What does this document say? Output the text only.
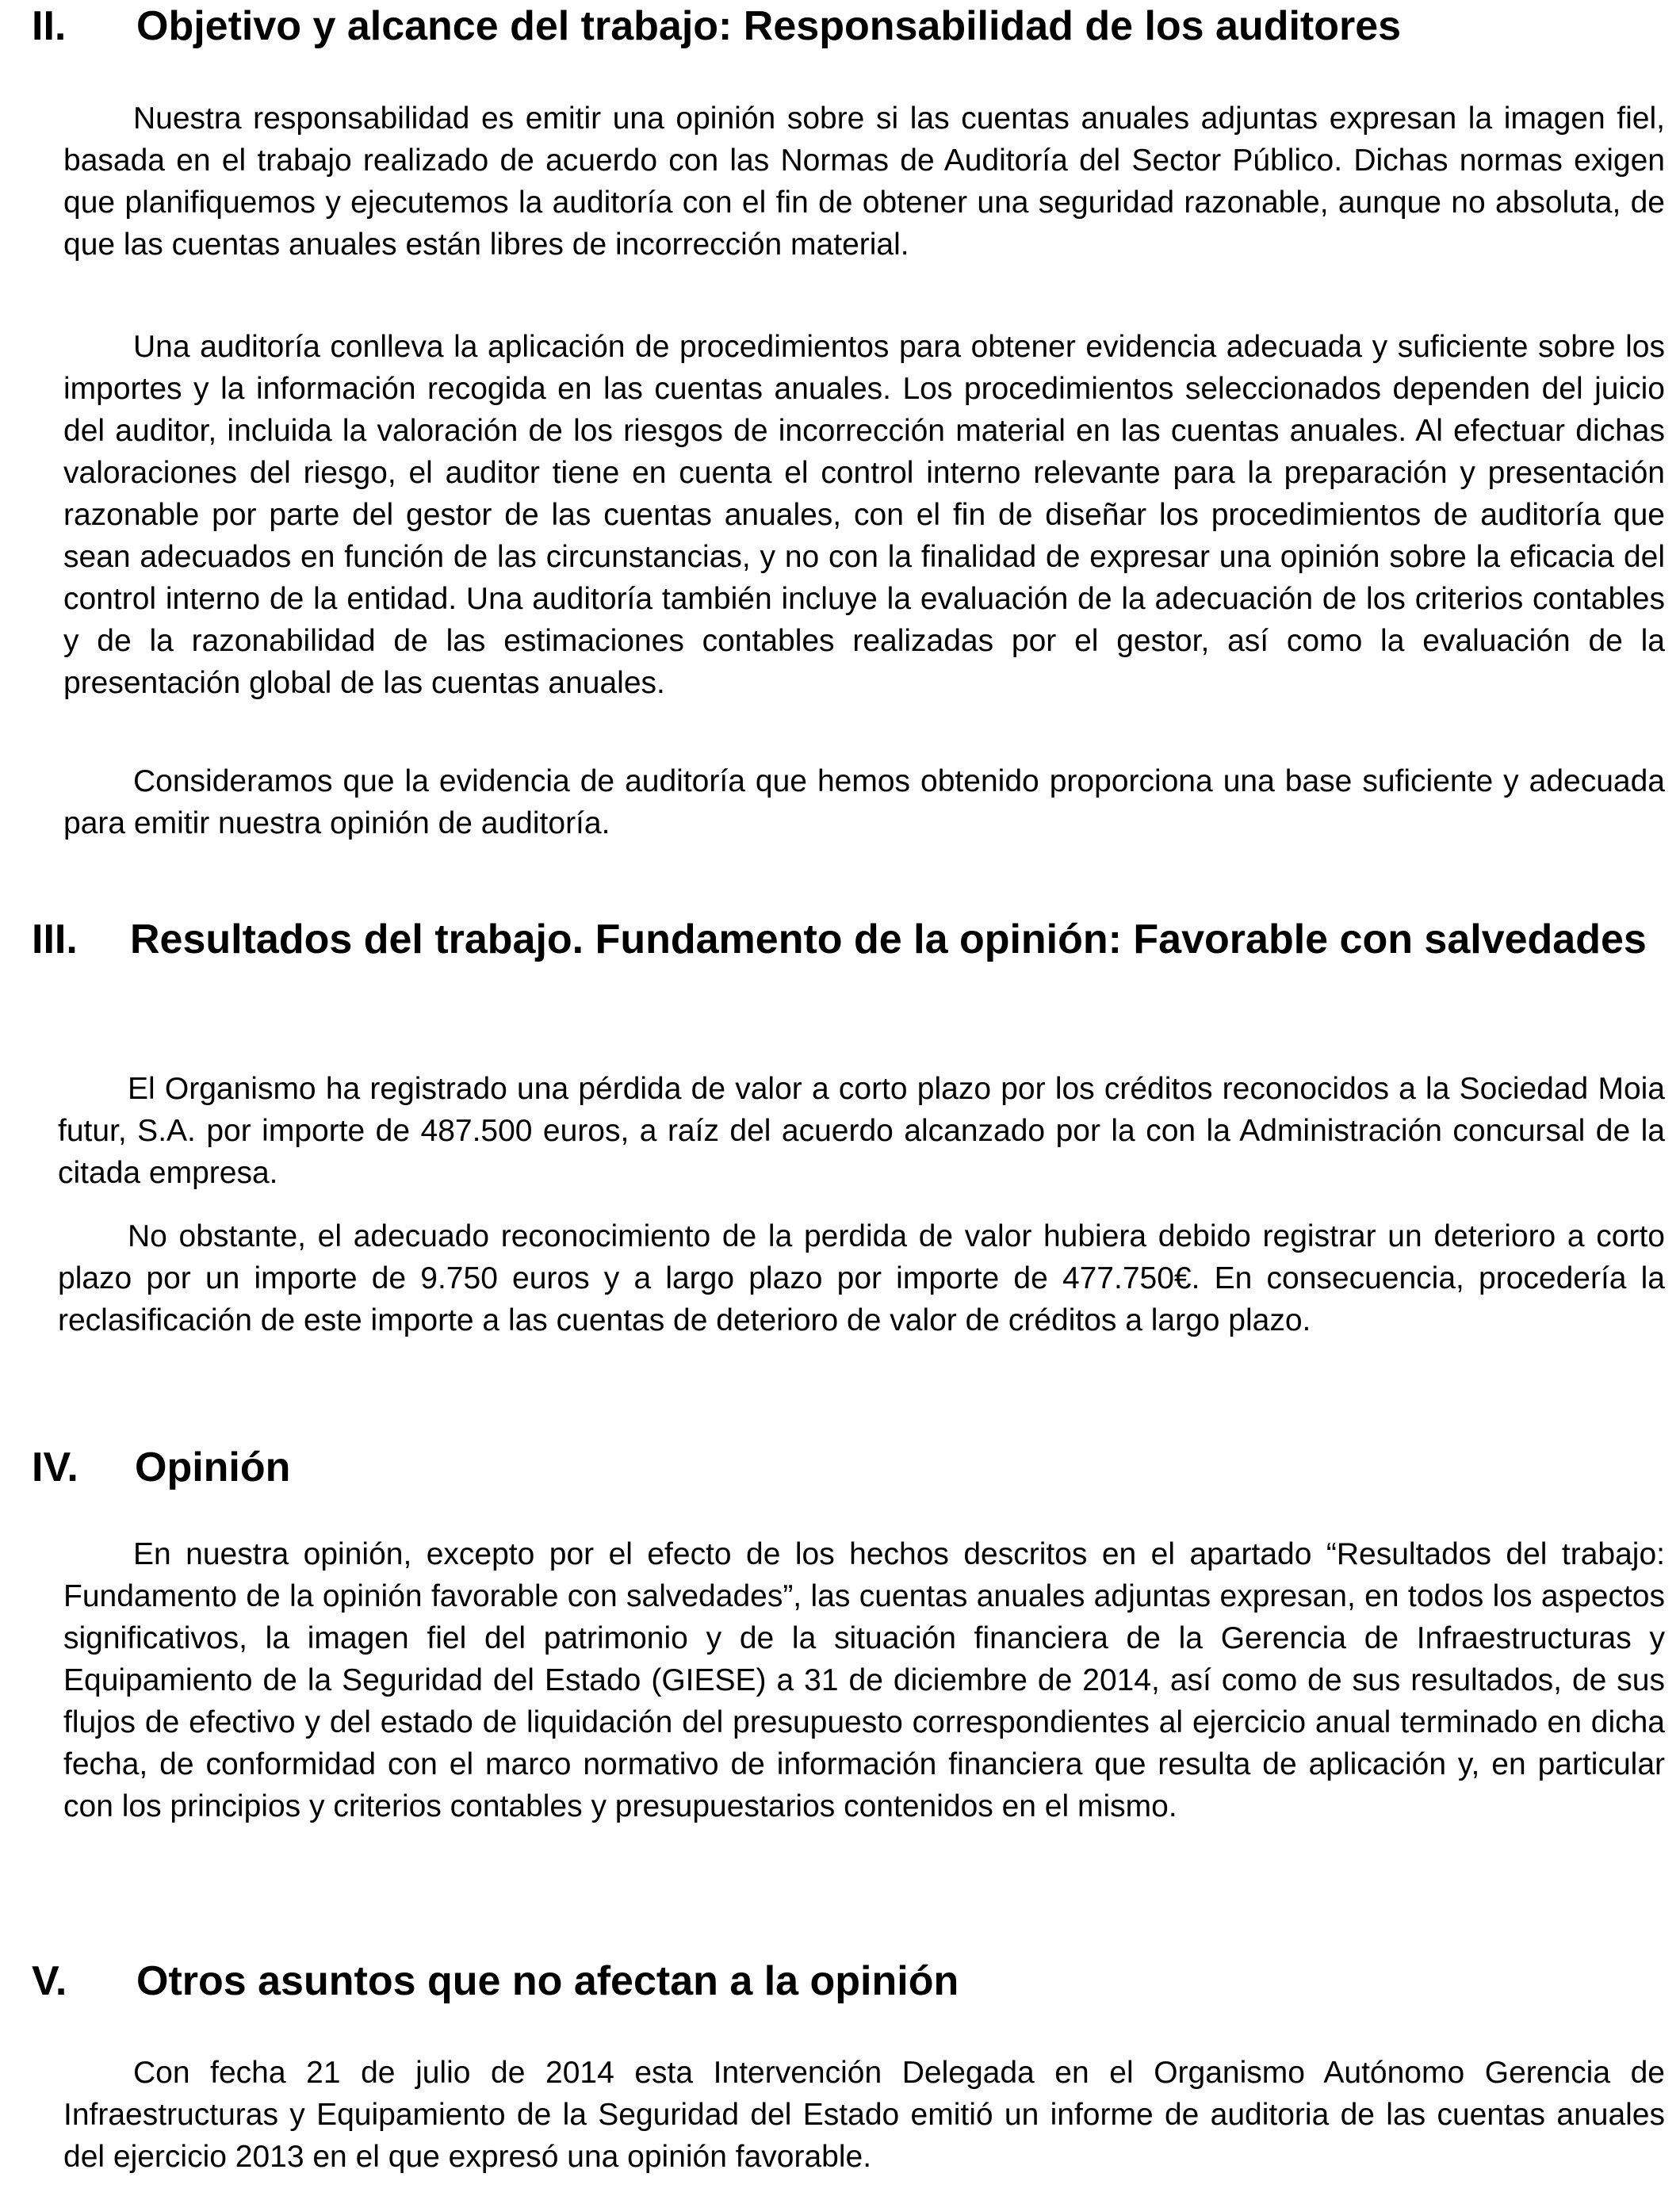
II. Objetivo y alcance del trabajo: Responsabilidad de los auditores

Nuestra responsabilidad es emitir una opinión sobre si las cuentas anuales adjuntas expresan la imagen fiel, basada en el trabajo realizado de acuerdo con las Normas de Auditoría del Sector Público. Dichas normas exigen que planifiquemos y ejecutemos la auditoría con el fin de obtener una seguridad razonable, aunque no absoluta, de que las cuentas anuales están libres de incorrección material.

Una auditoría conlleva la aplicación de procedimientos para obtener evidencia adecuada y suficiente sobre los importes y la información recogida en las cuentas anuales. Los procedimientos seleccionados dependen del juicio del auditor, incluida la valoración de los riesgos de incorrección material en las cuentas anuales. Al efectuar dichas valoraciones del riesgo, el auditor tiene en cuenta el control interno relevante para la preparación y presentación razonable por parte del gestor de las cuentas anuales, con el fin de diseñar los procedimientos de auditoría que sean adecuados en función de las circunstancias, y no con la finalidad de expresar una opinión sobre la eficacia del control interno de la entidad. Una auditoría también incluye la evaluación de la adecuación de los criterios contables y de la razonabilidad de las estimaciones contables realizadas por el gestor, así como la evaluación de la presentación global de las cuentas anuales.

Consideramos que la evidencia de auditoría que hemos obtenido proporciona una base suficiente y adecuada para emitir nuestra opinión de auditoría.

III. Resultados del trabajo. Fundamento de la opinión: Favorable con salvedades

El Organismo ha registrado una pérdida de valor a corto plazo por los créditos reconocidos a la Sociedad Moia futur, S.A. por importe de 487.500 euros, a raíz del acuerdo alcanzado por la con la Administración concursal de la citada empresa.

No obstante, el adecuado reconocimiento de la perdida de valor hubiera debido registrar un deterioro a corto plazo por un importe de 9.750 euros y a largo plazo por importe de 477.750€. En consecuencia, procedería la reclasificación de este importe a las cuentas de deterioro de valor de créditos a largo plazo.

IV. Opinión

En nuestra opinión, excepto por el efecto de los hechos descritos en el apartado “Resultados del trabajo: Fundamento de la opinión favorable con salvedades”, las cuentas anuales adjuntas expresan, en todos los aspectos significativos, la imagen fiel del patrimonio y de la situación financiera de la Gerencia de Infraestructuras y Equipamiento de la Seguridad del Estado (GIESE) a 31 de diciembre de 2014, así como de sus resultados, de sus flujos de efectivo y del estado de liquidación del presupuesto correspondientes al ejercicio anual terminado en dicha fecha, de conformidad con el marco normativo de información financiera que resulta de aplicación y, en particular con los principios y criterios contables y presupuestarios contenidos en el mismo.

V. Otros asuntos que no afectan a la opinión

Con fecha 21 de julio de 2014 esta Intervención Delegada en el Organismo Autónomo Gerencia de Infraestructuras y Equipamiento de la Seguridad del Estado emitió un informe de auditoria de las cuentas anuales del ejercicio 2013 en el que expresó una opinión favorable.
